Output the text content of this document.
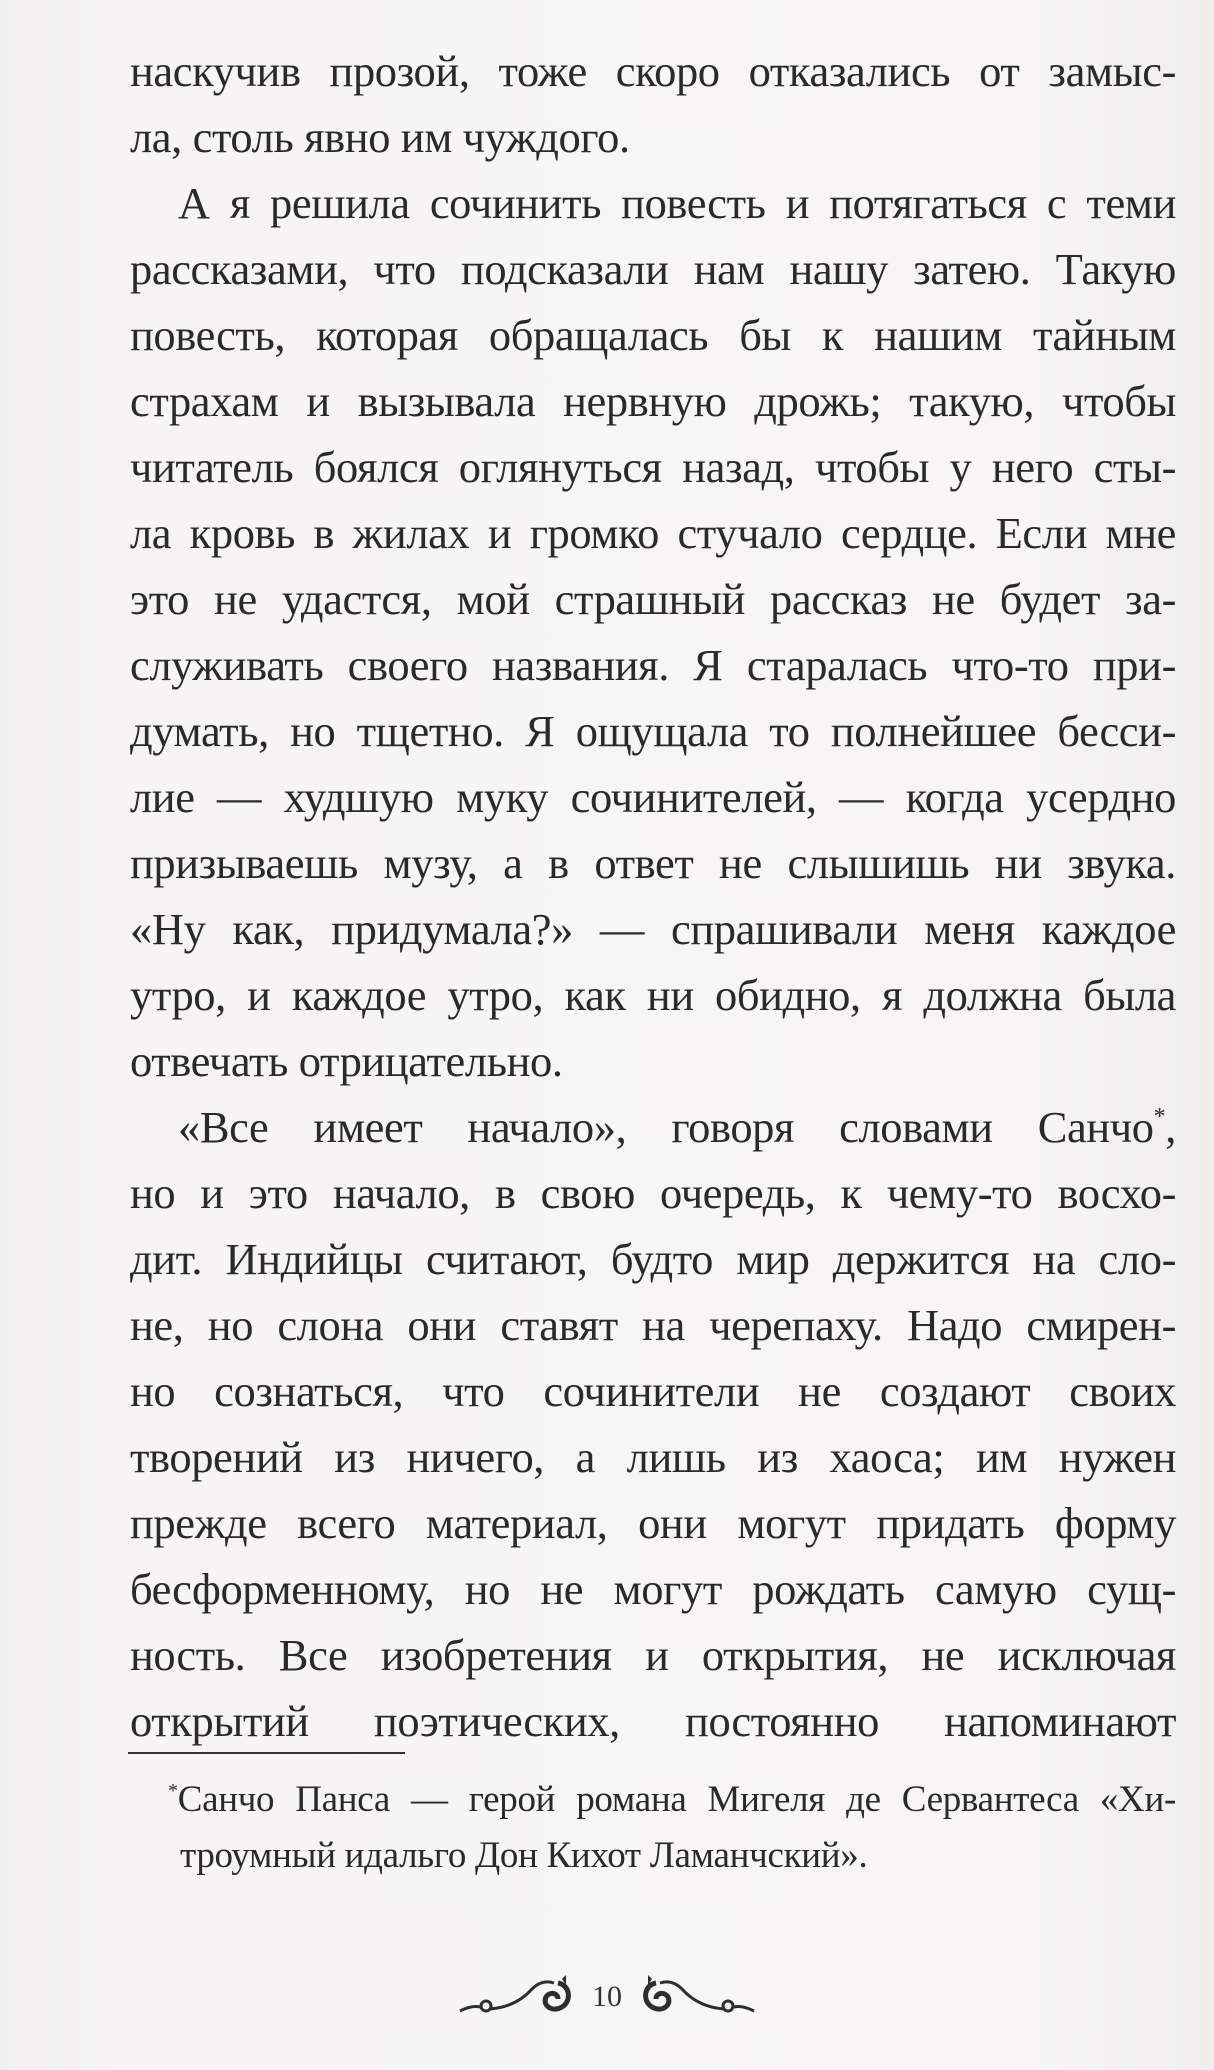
наскучив прозой, тоже скоро отказались от замыс-
ла, столь явно им чуждого.
А я решила сочинить повесть и потягаться с теми
рассказами, что подсказали нам нашу затею. Такую
повесть, которая обращалась бы к нашим тайным
страхам и вызывала нервную дрожь; такую, чтобы
читатель боялся оглянуться назад, чтобы у него сты-
ла кровь в жилах и громко стучало сердце. Если мне
это не удастся, мой страшный рассказ не будет за-
служивать своего названия. Я старалась что-то при-
думать, но тщетно. Я ощущала то полнейшее бесси-
лие — худшую муку сочинителей, — когда усердно
призываешь музу, а в ответ не слышишь ни звука.
«Ну как, придумала?» — спрашивали меня каждое
утро, и каждое утро, как ни обидно, я должна была
отвечать отрицательно.
«Все имеет начало», говоря словами Санчо*,
но и это начало, в свою очередь, к чему-то восхо-
дит. Индийцы считают, будто мир держится на сло-
не, но слона они ставят на черепаху. Надо смирен-
но сознаться, что сочинители не создают своих
творений из ничего, а лишь из хаоса; им нужен
прежде всего материал, они могут придать форму
бесформенному, но не могут рождать самую сущ-
ность. Все изобретения и открытия, не исключая
открытий поэтических, постоянно напоминают
*Санчо Панса — герой романа Мигеля де Сервантеса «Хи-
троумный идальго Дон Кихот Ламанчский».
10
